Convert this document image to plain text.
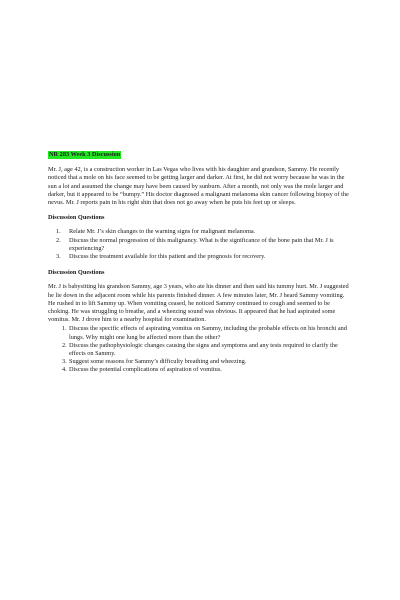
NR 283 Week 3 Discussion

Mr. J, age 42, is a construction worker in Las Vegas who lives with his daughter and grandson, Sammy. He recently noticed that a mole on his face seemed to be getting larger and darker. At first, he did not worry because he was in the sun a lot and assumed the change may have been caused by sunburn. After a month, not only was the mole larger and darker, but it appeared to be “bumpy.” His doctor diagnosed a malignant melanoma skin cancer following biopsy of the nevus. Mr. J reports pain in his right shin that does not go away when he puts his feet up or sleeps.

Discussion Questions

1. Relate Mr. J’s skin changes to the warning signs for malignant melanoma.
2. Discuss the normal progression of this malignancy. What is the significance of the bone pain that Mr. J is experiencing?
3. Discuss the treatment available for this patient and the prognosis for recovery.

Discussion Questions

Mr. J is babysitting his grandson Sammy, age 3 years, who ate his dinner and then said his tummy hurt. Mr. J suggested he lie down in the adjacent room while his parents finished dinner. A few minutes later, Mr. J heard Sammy vomiting. He rushed in to lift Sammy up. When vomiting ceased, he noticed Sammy continued to cough and seemed to be choking. He was struggling to breathe, and a wheezing sound was obvious. It appeared that he had aspirated some vomitus. Mr. J drove him to a nearby hospital for examination.

1. Discuss the specific effects of aspirating vomitus on Sammy, including the probable effects on his bronchi and lungs. Why might one lung be affected more than the other?
2. Discuss the pathophysiologic changes causing the signs and symptoms and any tests required to clarify the effects on Sammy.
3. Suggest some reasons for Sammy’s difficulty breathing and wheezing.
4. Discuss the potential complications of aspiration of vomitus.
